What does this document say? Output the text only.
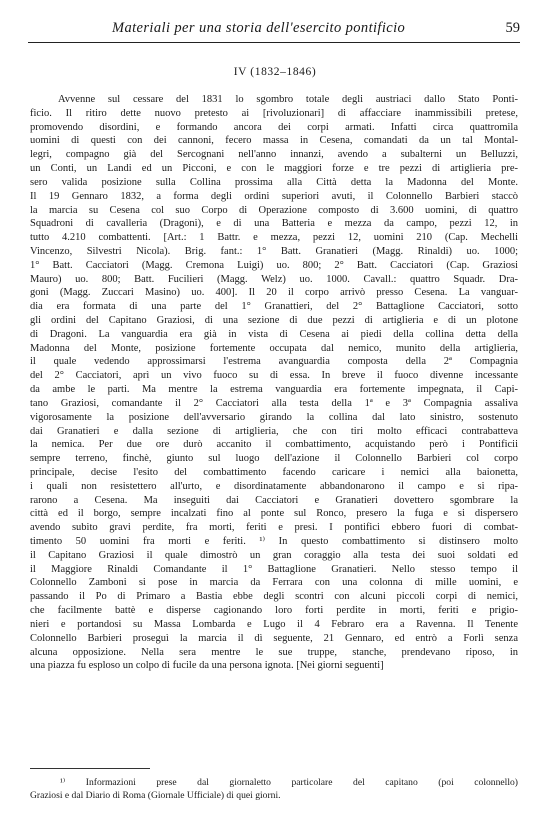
Materiali per una storia dell'esercito pontificio	59
IV (1832–1846)
Avvenne sul cessare del 1831 lo sgombro totale degli austriaci dallo Stato Ponti-
ficio. Il ritiro dette nuovo pretesto ai [rivoluzionari] di affacciare inammissibili pretese,
promovendo disordini, e formando ancora dei corpi armati. Infatti circa quattromila
uomini di questi con dei cannoni, fecero massa in Cesena, comandati da un tal Montal-
legri, compagno già del Sercognani nell'anno innanzi, avendo a subalterni un Belluzzi,
un Conti, un Landi ed un Picconi, e con le maggiori forze e tre pezzi di artiglieria pre-
sero valida posizione sulla Collina prossima alla Città detta la Madonna del Monte.
Il 19 Gennaro 1832, a forma degli ordini superiori avuti, il Colonnello Barbieri staccò
la marcia su Cesena col suo Corpo di Operazione composto di 3.600 uomini, di quattro
Squadroni di cavalleria (Dragoni), e di una Batteria e mezza da campo, pezzi 12, in
tutto 4.210 combattenti. [Art.: 1 Battr. e mezza, pezzi 12, uomini 210 (Cap. Mechelli
Vincenzo, Silvestri Nicola). Brig. fant.: 1° Batt. Granatieri (Magg. Rinaldi) uo. 1000;
1° Batt. Cacciatori (Magg. Cremona Luigi) uo. 800; 2° Batt. Cacciatori (Cap. Graziosi
Mauro) uo. 800; Batt. Fucilieri (Magg. Welz) uo. 1000. Cavall.: quattro Squadr. Dra-
goni (Magg. Zuccari Masino) uo. 400]. Il 20 il corpo arrivò presso Cesena. La vanguar-
dia era formata di una parte del 1° Granattieri, del 2° Battaglione Cacciatori, sotto
gli ordini del Capitano Graziosi, di una sezione di due pezzi di artiglieria e di un plotone
di Dragoni. La vanguardia era già in vista di Cesena ai piedi della collina detta della
Madonna del Monte, posizione fortemente occupata dal nemico, munito della artiglieria,
il quale vedendo approssimarsi l'estrema avanguardia composta della 2ª Compagnia
del 2° Cacciatori, aprì un vivo fuoco su di essa. In breve il fuoco divenne incessante
da ambe le parti. Ma mentre la estrema vanguardia era fortemente impegnata, il Capi-
tano Graziosi, comandante il 2° Cacciatori alla testa della 1ª e 3ª Compagnia assaliva
vigorosamente la posizione dell'avversario girando la collina dal lato sinistro, sostenuto
dai Granatieri e dalla sezione di artiglieria, che con tiri molto efficaci contrabatteva
la nemica. Per due ore durò accanito il combattimento, acquistando però i Pontificii
sempre terreno, finchè, giunto sul luogo dell'azione il Colonnello Barbieri col corpo
principale, decise l'esito del combattimento facendo caricare i nemici alla baionetta,
i quali non resistettero all'urto, e disordinatamente abbandonarono il campo e si ripa-
rarono a Cesena. Ma inseguiti dai Cacciatori e Granatieri dovettero sgombrare la
città ed il borgo, sempre incalzati fino al ponte sul Ronco, presero la fuga e si dispersero
avendo subito gravi perdite, fra morti, feriti e presi. I pontifici ebbero fuori di combat-
timento 50 uomini fra morti e feriti. ¹⁾ In questo combattimento si distinsero molto
il Capitano Graziosi il quale dimostrò un gran coraggio alla testa dei suoi soldati ed
il Maggiore Rinaldi Comandante il 1° Battaglione Granatieri. Nello stesso tempo il
Colonnello Zamboni si pose in marcia da Ferrara con una colonna di mille uomini, e
passando il Po di Primaro a Bastia ebbe degli scontri con alcuni piccoli corpi di nemici,
che facilmente battè e disperse cagionando loro forti perdite in morti, feriti e prigio-
nieri e portandosi su Massa Lombarda e Lugo il 4 Febraro era a Ravenna. Il Tenente
Colonnello Barbieri proseguì la marcia il dì seguente, 21 Gennaro, ed entrò a Forlì senza
alcuna opposizione. Nella sera mentre le sue truppe, stanche, prendevano riposo, in
una piazza fu esploso un colpo di fucile da una persona ignota. [Nei giorni seguenti]
¹⁾ Informazioni prese dal giornaletto particolare del capitano (poi colonnello)
Graziosi e dal Diario di Roma (Giornale Ufficiale) di quei giorni.
